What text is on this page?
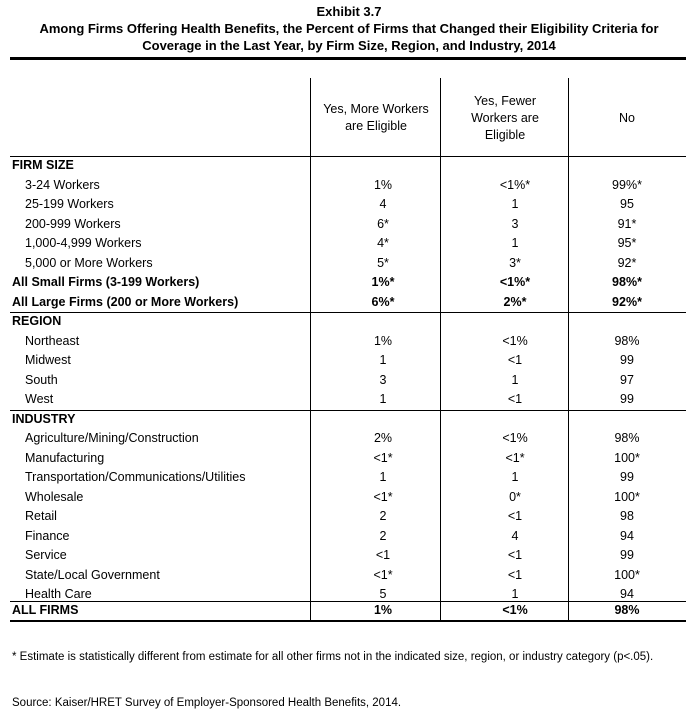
Exhibit 3.7
Among Firms Offering Health Benefits, the Percent of Firms that Changed their Eligibility Criteria for
Coverage in the Last Year, by Firm Size, Region, and Industry, 2014
Yes, More Workers are Eligible
Yes, Fewer Workers are Eligible
No
FIRM SIZE
3-24 Workers	1%	<1%*	99%*
25-199 Workers	4	1	95
200-999 Workers	6*	3	91*
1,000-4,999 Workers	4*	1	95*
5,000 or More Workers	5*	3*	92*
All Small Firms (3-199 Workers)	1%*	<1%*	98%*
All Large Firms (200 or More Workers)	6%*	2%*	92%*
REGION
Northeast	1%	<1%	98%
Midwest	1	<1	99
South	3	1	97
West	1	<1	99
INDUSTRY
Agriculture/Mining/Construction	2%	<1%	98%
Manufacturing	<1*	<1*	100*
Transportation/Communications/Utilities	1	1	99
Wholesale	<1*	0*	100*
Retail	2	<1	98
Finance	2	4	94
Service	<1	<1	99
State/Local Government	<1*	<1	100*
Health Care	5	1	94
ALL FIRMS	1%	<1%	98%
* Estimate is statistically different from estimate for all other firms not in the indicated size, region, or industry category (p<.05).
Source: Kaiser/HRET Survey of Employer-Sponsored Health Benefits, 2014.
